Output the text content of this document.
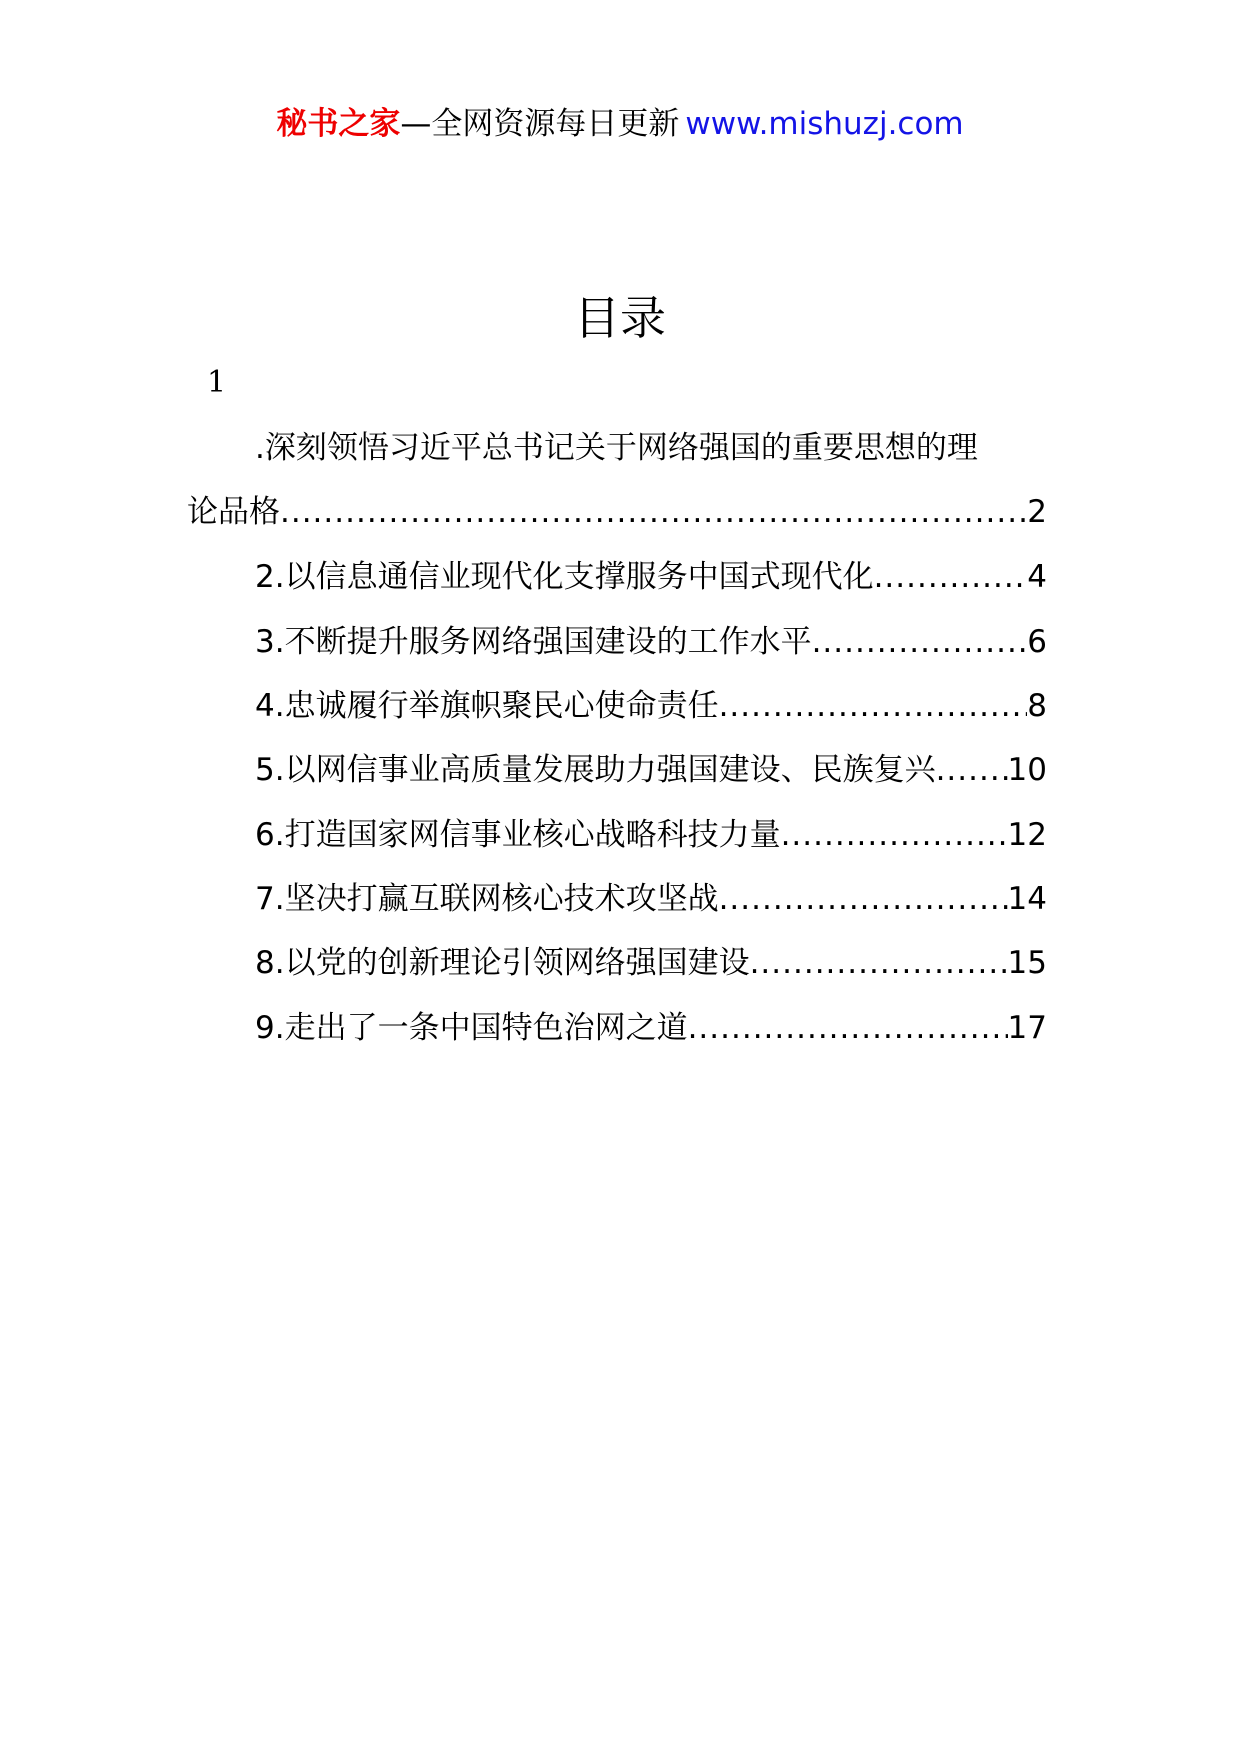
秘书之家—全网资源每日更新 www.mishuzj.com
目录
1
.深刻领悟习近平总书记关于网络强国的重要思想的理
论品格 .....	2
2.以信息通信业现代化支撑服务中国式现代化 .....	4
3.不断提升服务网络强国建设的工作水平 .....	6
4.忠诚履行举旗帜聚民心使命责任 .....	8
5.以网信事业高质量发展助力强国建设、民族复兴 ..... 10
6.打造国家网信事业核心战略科技力量 .....	12
7.坚决打赢互联网核心技术攻坚战 .....	14
8.以党的创新理论引领网络强国建设 .....	15
9.走出了一条中国特色治网之道 .....	17
